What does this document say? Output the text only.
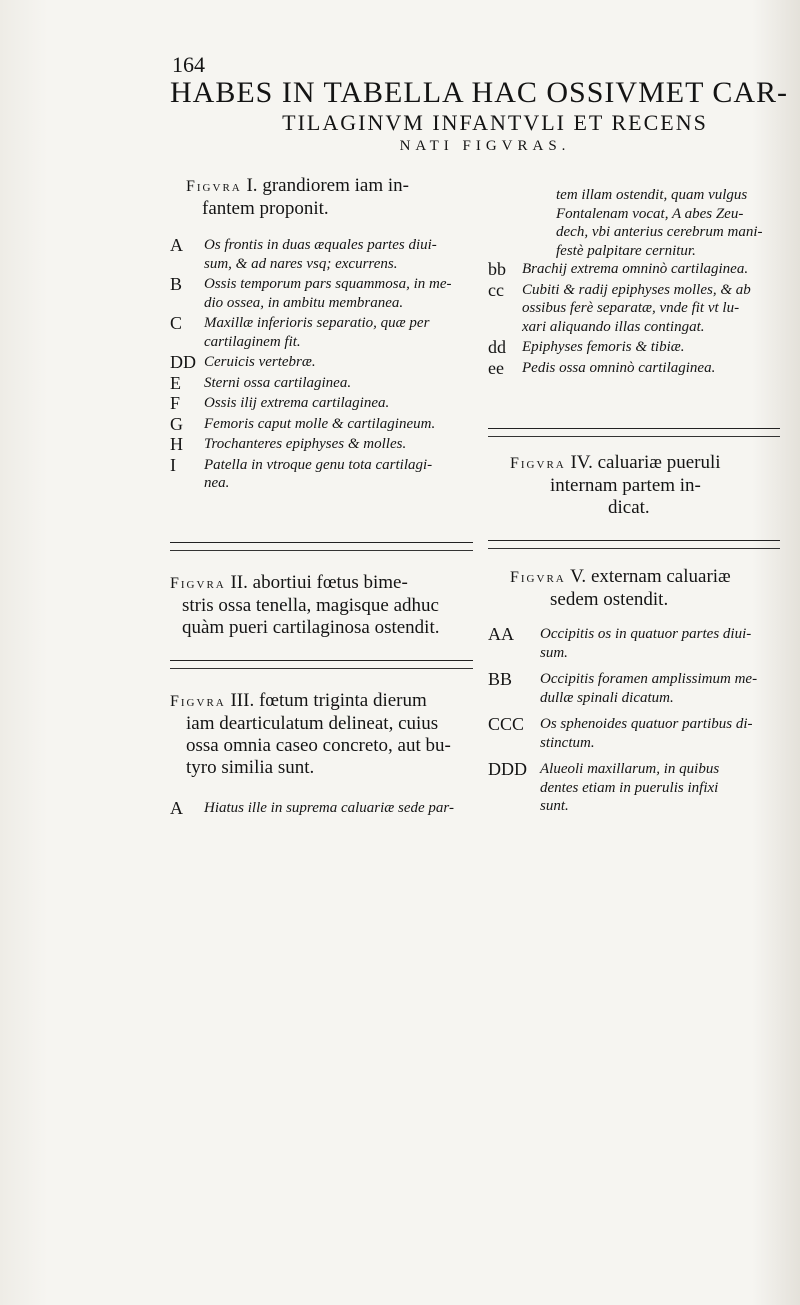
164
HABES IN TABELLA HAC OSSIVMET CAR-
TILAGINVM INFANTVLI ET RECENS
NATI FIGVRAS.
Figvra I. grandiorem iam in-
fantem proponit.
A	Os frontis in duas æquales partes diui-
sum, & ad nares vsq; excurrens.
B	Ossis temporum pars squammosa, in me-
dio ossea, in ambitu membranea.
C	Maxillæ inferioris separatio, quæ per
cartilaginem fit.
DD Ceruicis vertebræ.
E	Sterni ossa cartilaginea.
F	Ossis ilij extrema cartilaginea.
G	Femoris caput molle & cartilagineum.
H	Trochanteres epiphyses & molles.
I	Patella in vtroque genu tota cartilagi-
nea.
Figvra II. abortiui fœtus bime-
stris ossa tenella, magisque adhuc
quàm pueri cartilaginosa ostendit.
Figvra III. fœtum triginta dierum
iam dearticulatum delineat, cuius
ossa omnia caseo concreto, aut bu-
tyro similia sunt.
A	Hiatus ille in suprema caluariæ sede par-
tem illam ostendit, quam vulgus
Fontalenam vocat, A abes Zeu-
dech, vbi anterius cerebrum mani-
festè palpitare cernitur.
bb	Brachij extrema omninò cartilaginea.
cc	Cubiti & radij epiphyses molles, & ab
ossibus ferè separatæ, vnde fit vt lu-
xari aliquando illas contingat.
dd	Epiphyses femoris & tibiæ.
ee	Pedis ossa omninò cartilaginea.
Figvra IV. caluariæ pueruli
internam partem in-
dicat.
Figvra V. externam caluariæ
sedem ostendit.
AA	Occipitis os in quatuor partes diui-
sum.
BB	Occipitis foramen amplissimum me-
dullæ spinali dicatum.
CCC	Os sphenoides quatuor partibus di-
stinctum.
DDD Alueoli maxillarum, in quibus
dentes etiam in puerulis infixi
sunt.
